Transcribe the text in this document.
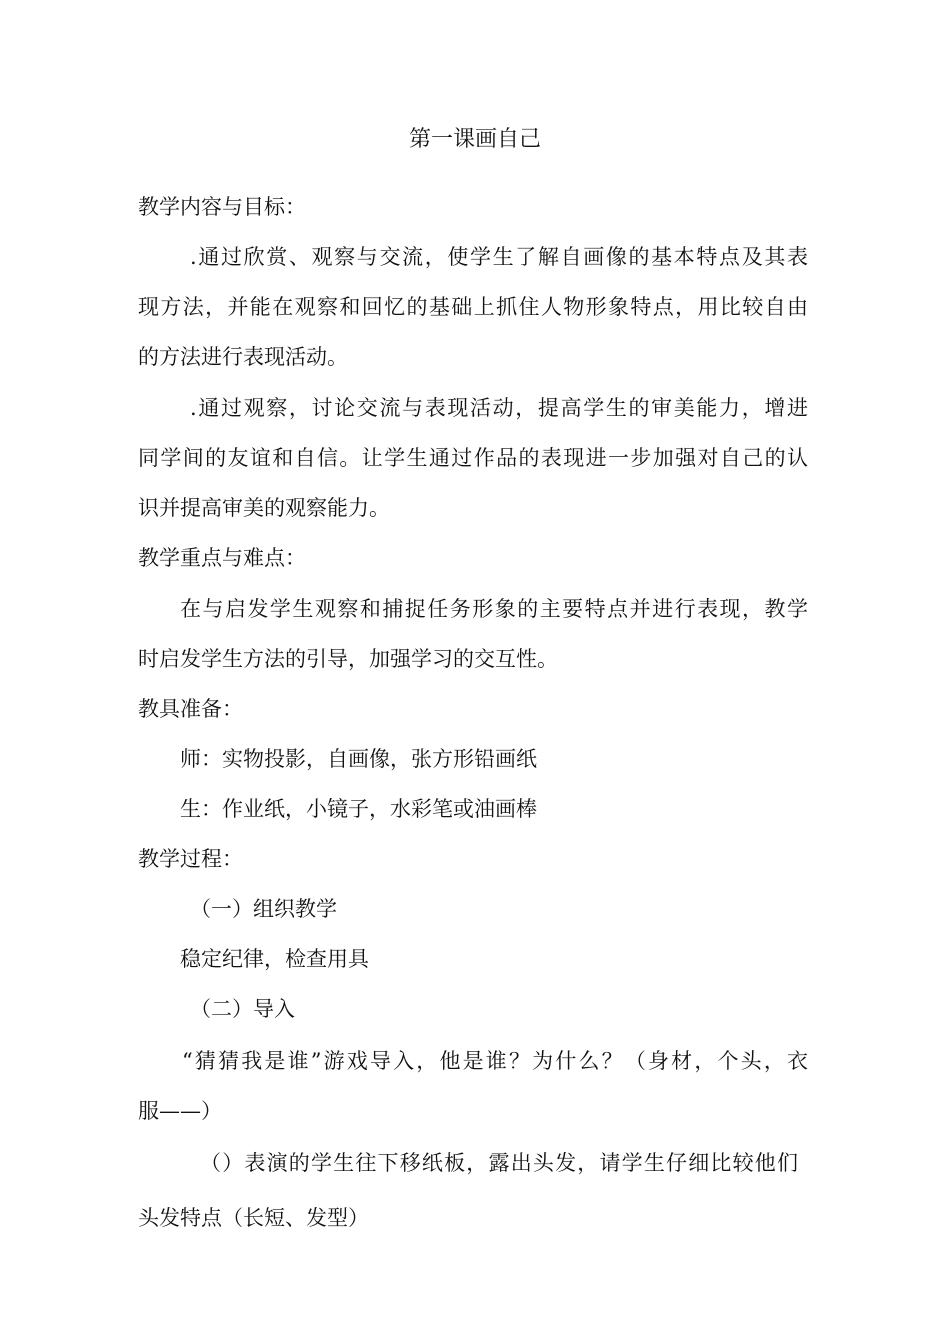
第一课画自己
教学内容与目标：
.通过欣赏、观察与交流，使学生了解自画像的基本特点及其表
现方法，并能在观察和回忆的基础上抓住人物形象特点，用比较自由
的方法进行表现活动。
.通过观察，讨论交流与表现活动，提高学生的审美能力，增进
同学间的友谊和自信。让学生通过作品的表现进一步加强对自己的认
识并提高审美的观察能力。
教学重点与难点：
在与启发学生观察和捕捉任务形象的主要特点并进行表现，教学
时启发学生方法的引导，加强学习的交互性。
教具准备：
师：实物投影，自画像，张方形铅画纸
生：作业纸，小镜子，水彩笔或油画棒
教学过程：
（一）组织教学
稳定纪律，检查用具
（二）导入
“猜猜我是谁”游戏导入，他是谁？为什么？（身材，个头，衣
服——）
（）表演的学生往下移纸板，露出头发，请学生仔细比较他们
头发特点（长短、发型）
